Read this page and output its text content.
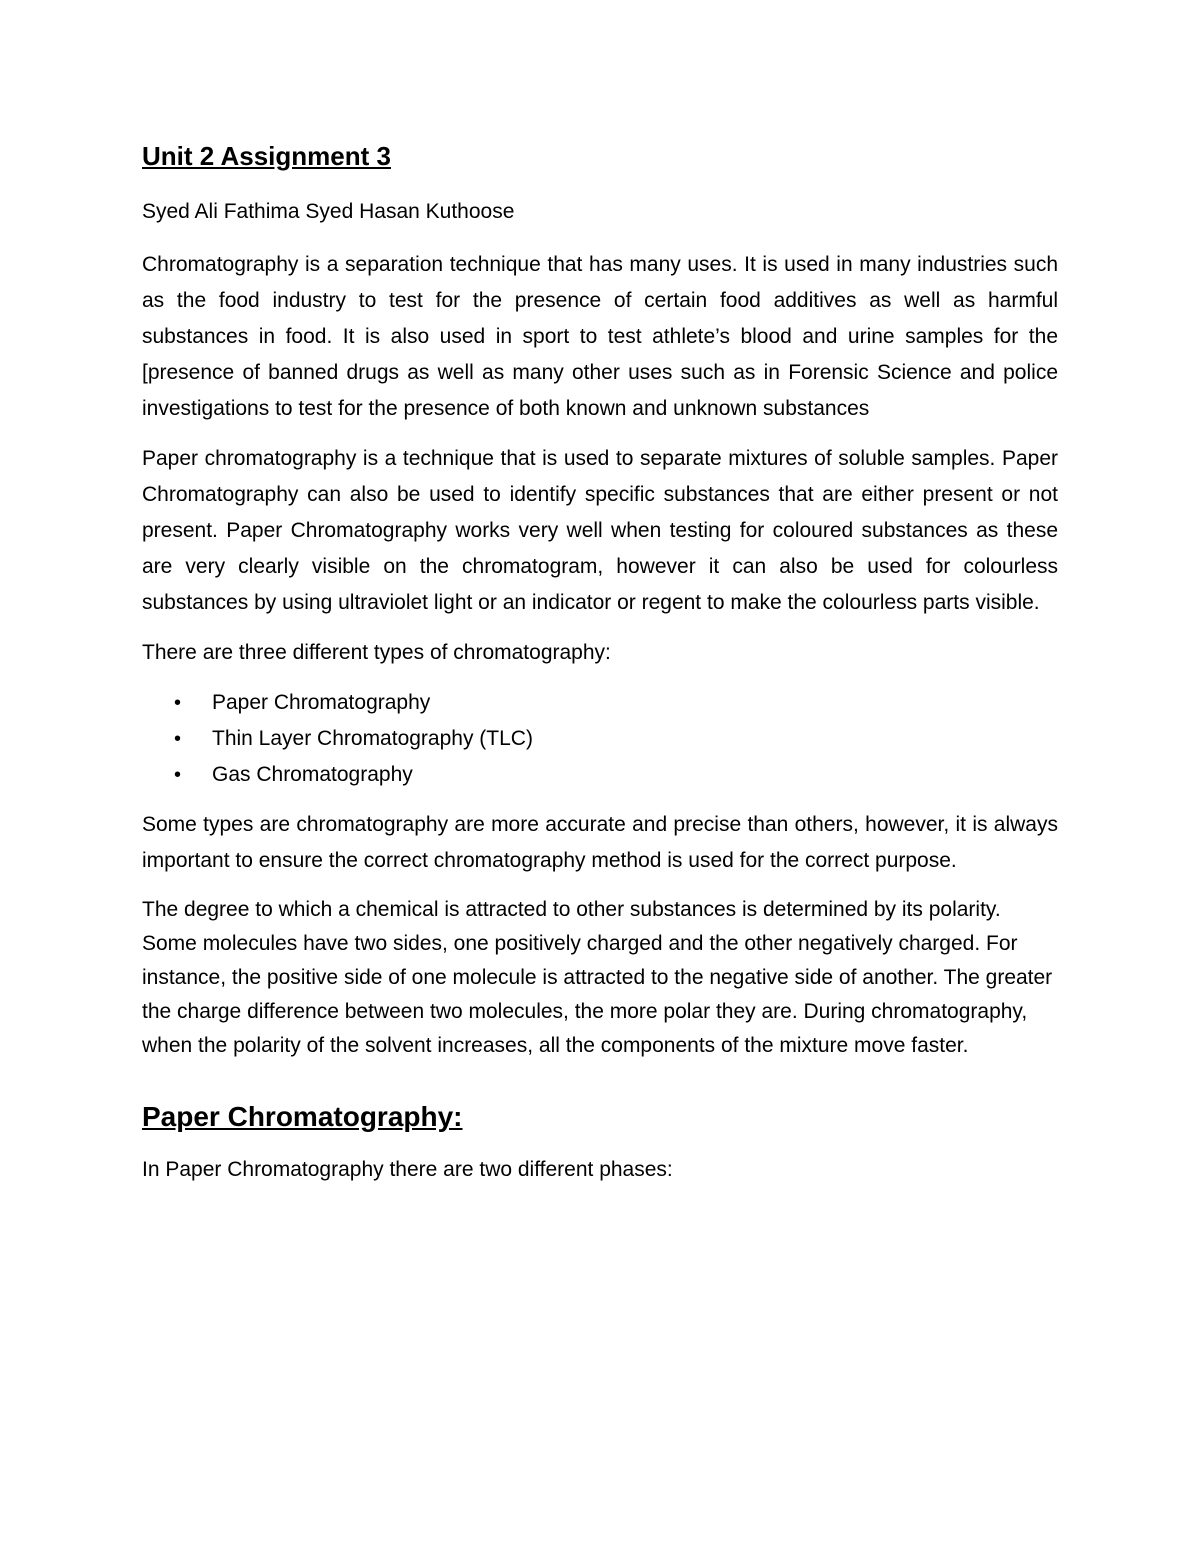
Unit 2 Assignment 3
Syed Ali Fathima Syed Hasan Kuthoose

Chromatography is a separation technique that has many uses. It is used in many industries such as the food industry to test for the presence of certain food additives as well as harmful substances in food. It is also used in sport to test athlete’s blood and urine samples for the [presence of banned drugs as well as many other uses such as in Forensic Science and police investigations to test for the presence of both known and unknown substances

Paper chromatography is a technique that is used to separate mixtures of soluble samples. Paper Chromatography can also be used to identify specific substances that are either present or not present. Paper Chromatography works very well when testing for coloured substances as these are very clearly visible on the chromatogram, however it can also be used for colourless substances by using ultraviolet light or an indicator or regent to make the colourless parts visible.

There are three different types of chromatography:

• Paper Chromatography
• Thin Layer Chromatography (TLC)
• Gas Chromatography

Some types are chromatography are more accurate and precise than others, however, it is always important to ensure the correct chromatography method is used for the correct purpose.

The degree to which a chemical is attracted to other substances is determined by its polarity. Some molecules have two sides, one positively charged and the other negatively charged. For instance, the positive side of one molecule is attracted to the negative side of another. The greater the charge difference between two molecules, the more polar they are. During chromatography, when the polarity of the solvent increases, all the components of the mixture move faster.

Paper Chromatography:

In Paper Chromatography there are two different phases:
